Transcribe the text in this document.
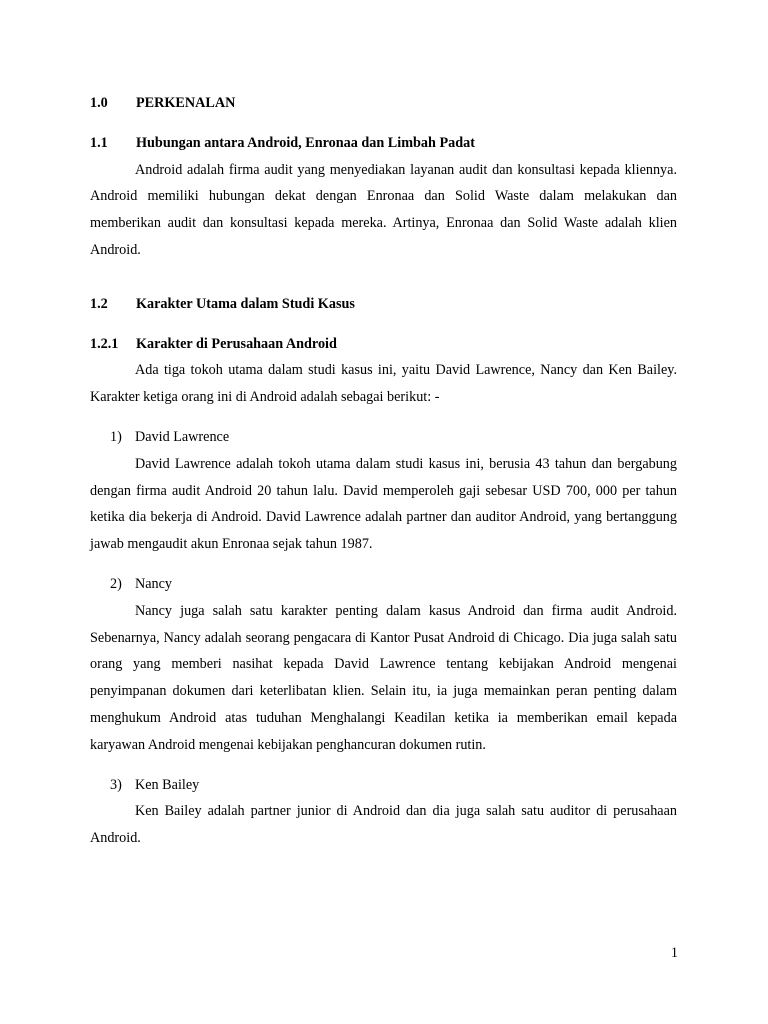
1.0	PERKENALAN

1.1	Hubungan antara Android, Enronaa dan Limbah Padat

Android adalah firma audit yang menyediakan layanan audit dan konsultasi kepada kliennya. Android memiliki hubungan dekat dengan Enronaa dan Solid Waste dalam melakukan dan memberikan audit dan konsultasi kepada mereka. Artinya, Enronaa dan Solid Waste adalah klien Android.

1.2	Karakter Utama dalam Studi Kasus

1.2.1	Karakter di Perusahaan Android

Ada tiga tokoh utama dalam studi kasus ini, yaitu David Lawrence, Nancy dan Ken Bailey. Karakter ketiga orang ini di Android adalah sebagai berikut: -

1) David Lawrence

David Lawrence adalah tokoh utama dalam studi kasus ini, berusia 43 tahun dan bergabung dengan firma audit Android 20 tahun lalu. David memperoleh gaji sebesar USD 700, 000 per tahun ketika dia bekerja di Android. David Lawrence adalah partner dan auditor Android, yang bertanggung jawab mengaudit akun Enronaa sejak tahun 1987.

2) Nancy

Nancy juga salah satu karakter penting dalam kasus Android dan firma audit Android. Sebenarnya, Nancy adalah seorang pengacara di Kantor Pusat Android di Chicago. Dia juga salah satu orang yang memberi nasihat kepada David Lawrence tentang kebijakan Android mengenai penyimpanan dokumen dari keterlibatan klien. Selain itu, ia juga memainkan peran penting dalam menghukum Android atas tuduhan Menghalangi Keadilan ketika ia memberikan email kepada karyawan Android mengenai kebijakan penghancuran dokumen rutin.

3) Ken Bailey

Ken Bailey adalah partner junior di Android dan dia juga salah satu auditor di perusahaan Android.

1
